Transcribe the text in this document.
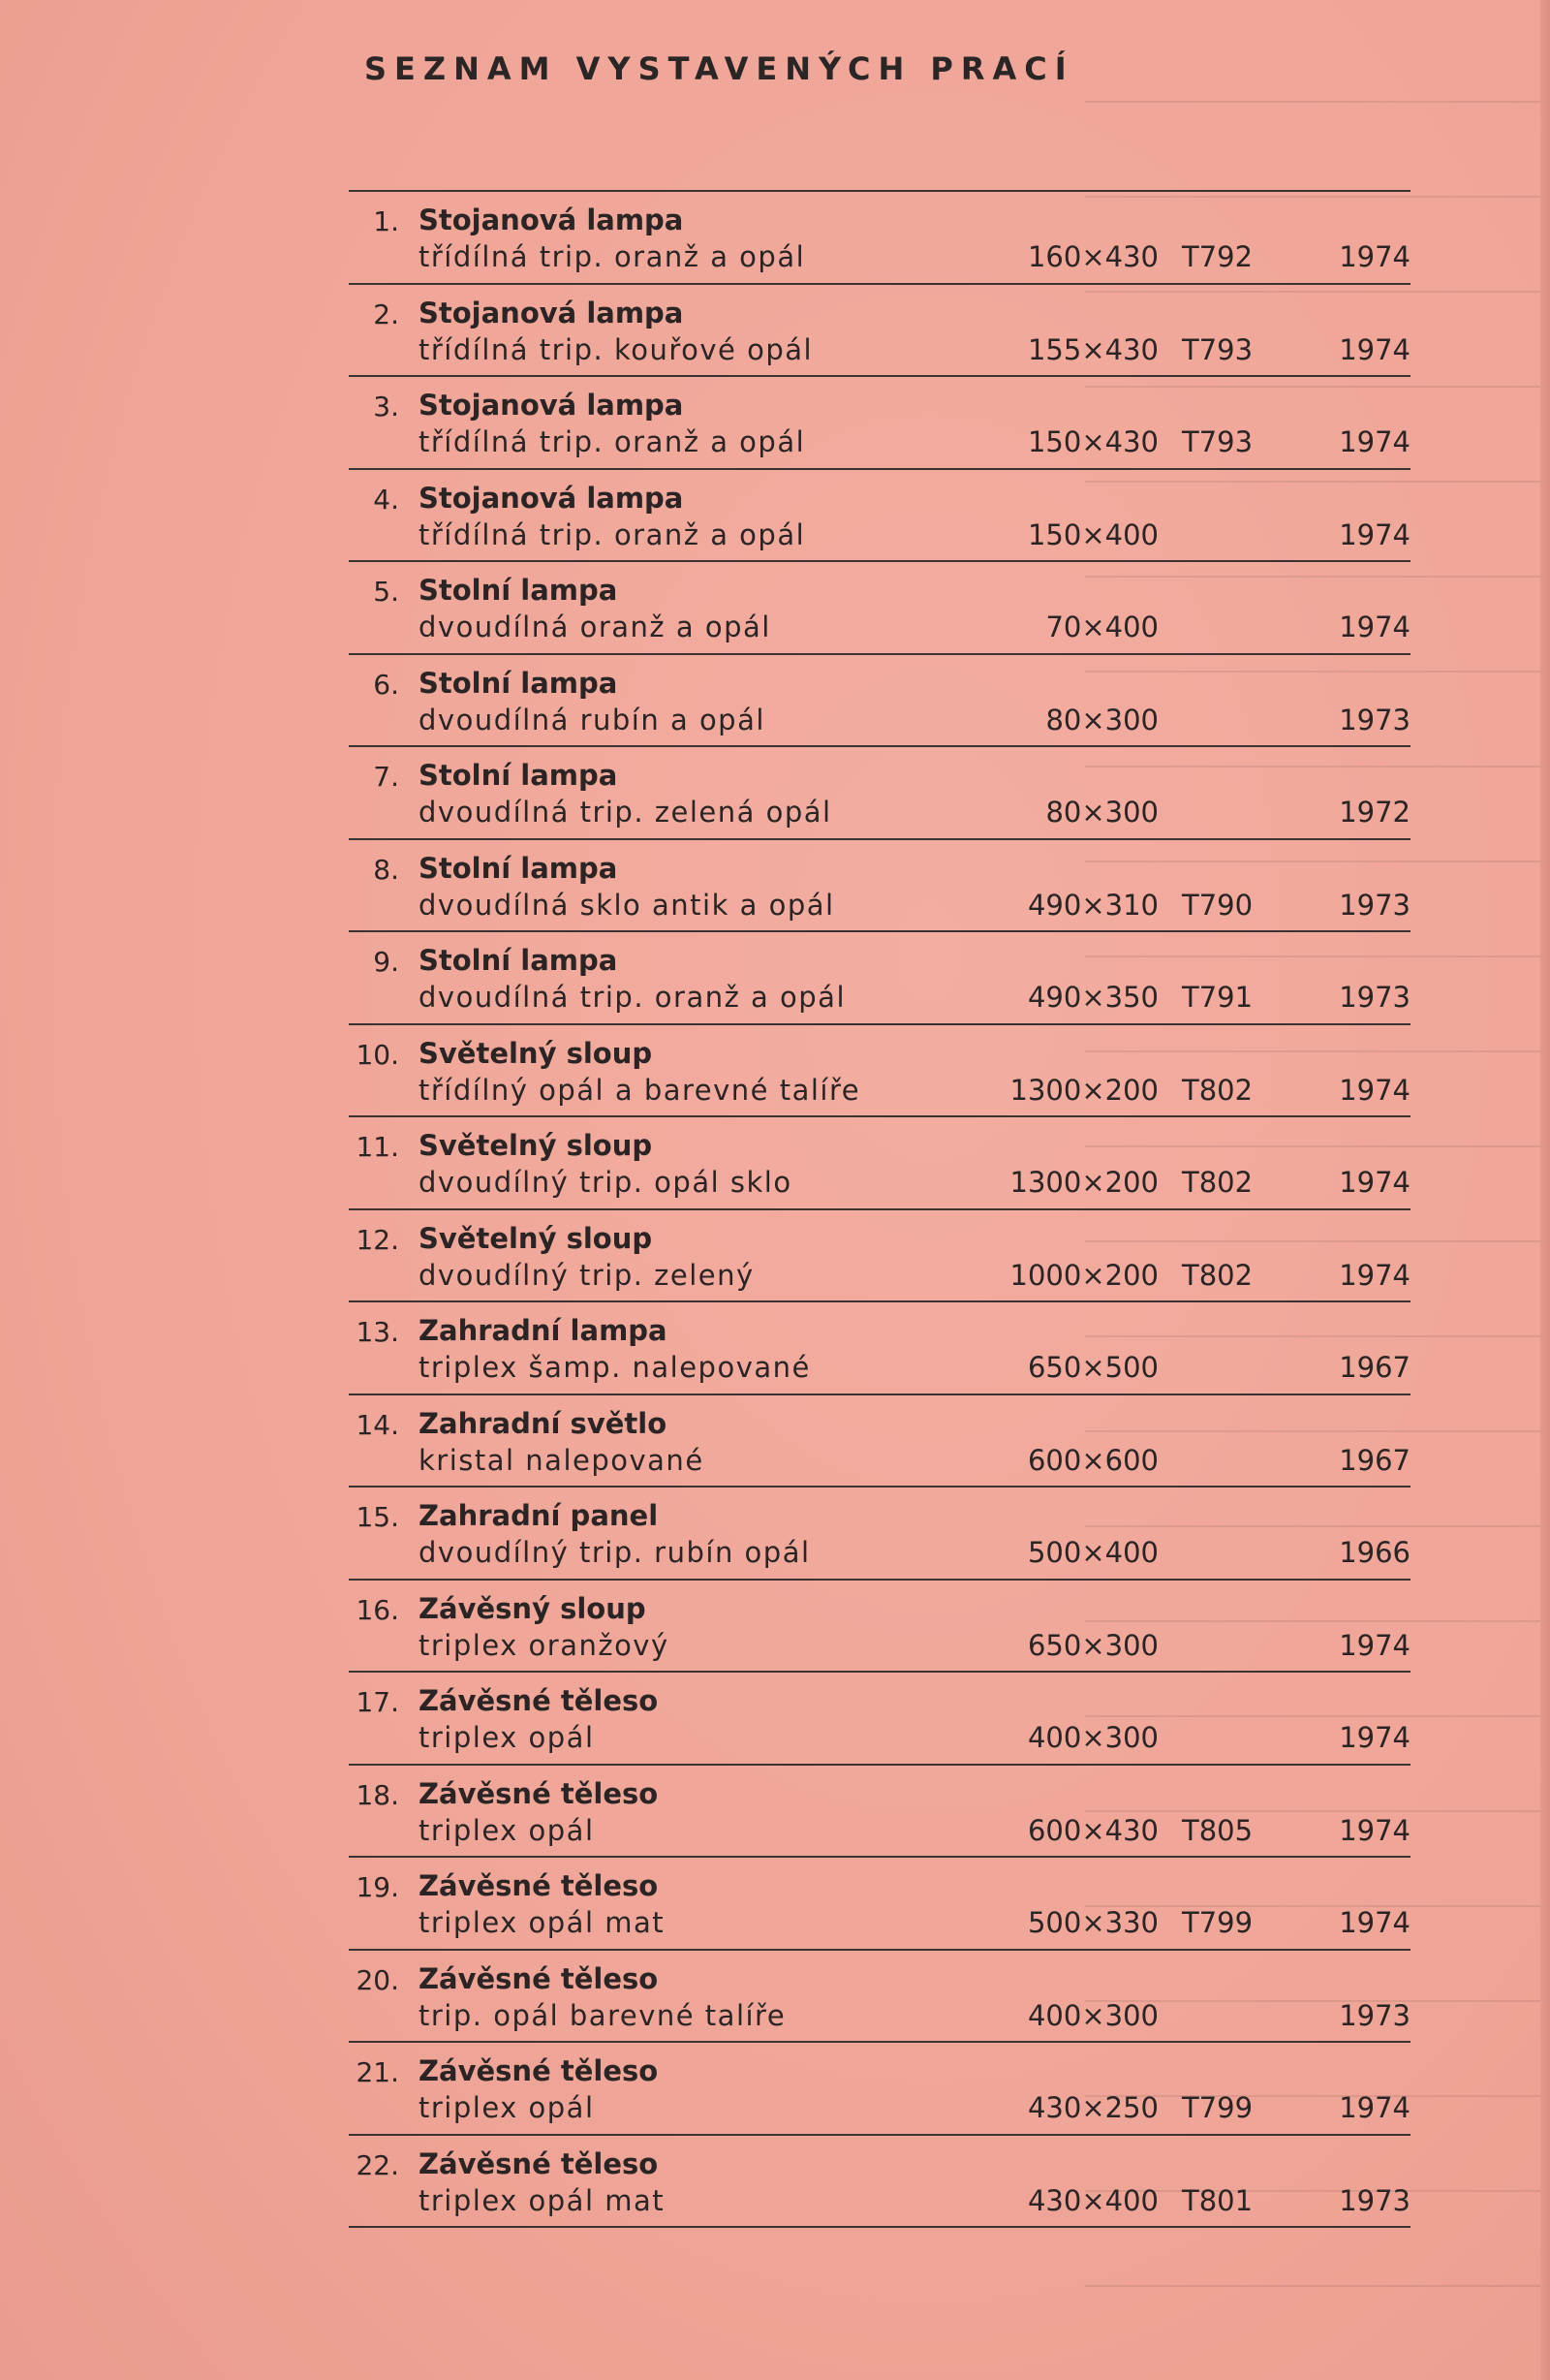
SEZNAM VYSTAVENÝCH PRACÍ
1. Stojanová lampa
třídílná trip. oranž a opál	160⨯430 T792	1974
2. Stojanová lampa
třídílná trip. kouřové opál	155⨯430 T793	1974
3. Stojanová lampa
třídílná trip. oranž a opál	150⨯430 T793	1974
4. Stojanová lampa
třídílná trip. oranž a opál	150⨯400	1974
5. Stolní lampa
dvoudílná oranž a opál	70⨯400	1974
6. Stolní lampa
dvoudílná rubín a opál	80⨯300	1973
7. Stolní lampa
dvoudílná trip. zelená opál	80⨯300	1972
8. Stolní lampa
dvoudílná sklo antik a opál	490⨯310 T790	1973
9. Stolní lampa
dvoudílná trip. oranž a opál	490⨯350 T791	1973
10. Světelný sloup
třídílný opál a barevné talíře	1300⨯200 T802	1974
11. Světelný sloup
dvoudílný trip. opál sklo	1300⨯200 T802	1974
12. Světelný sloup
dvoudílný trip. zelený	1000⨯200 T802	1974
13. Zahradní lampa
triplex šamp. nalepované	650⨯500	1967
14. Zahradní světlo
kristal nalepované	600⨯600	1967
15. Zahradní panel
dvoudílný trip. rubín opál	500⨯400	1966
16. Závěsný sloup
triplex oranžový	650⨯300	1974
17. Závěsné těleso
triplex opál	400⨯300	1974
18. Závěsné těleso
triplex opál	600⨯430 T805	1974
19. Závěsné těleso
triplex opál mat	500⨯330 T799	1974
20. Závěsné těleso
trip. opál barevné talíře	400⨯300	1973
21. Závěsné těleso
triplex opál	430⨯250 T799	1974
22. Závěsné těleso
triplex opál mat	430⨯400 T801	1973
